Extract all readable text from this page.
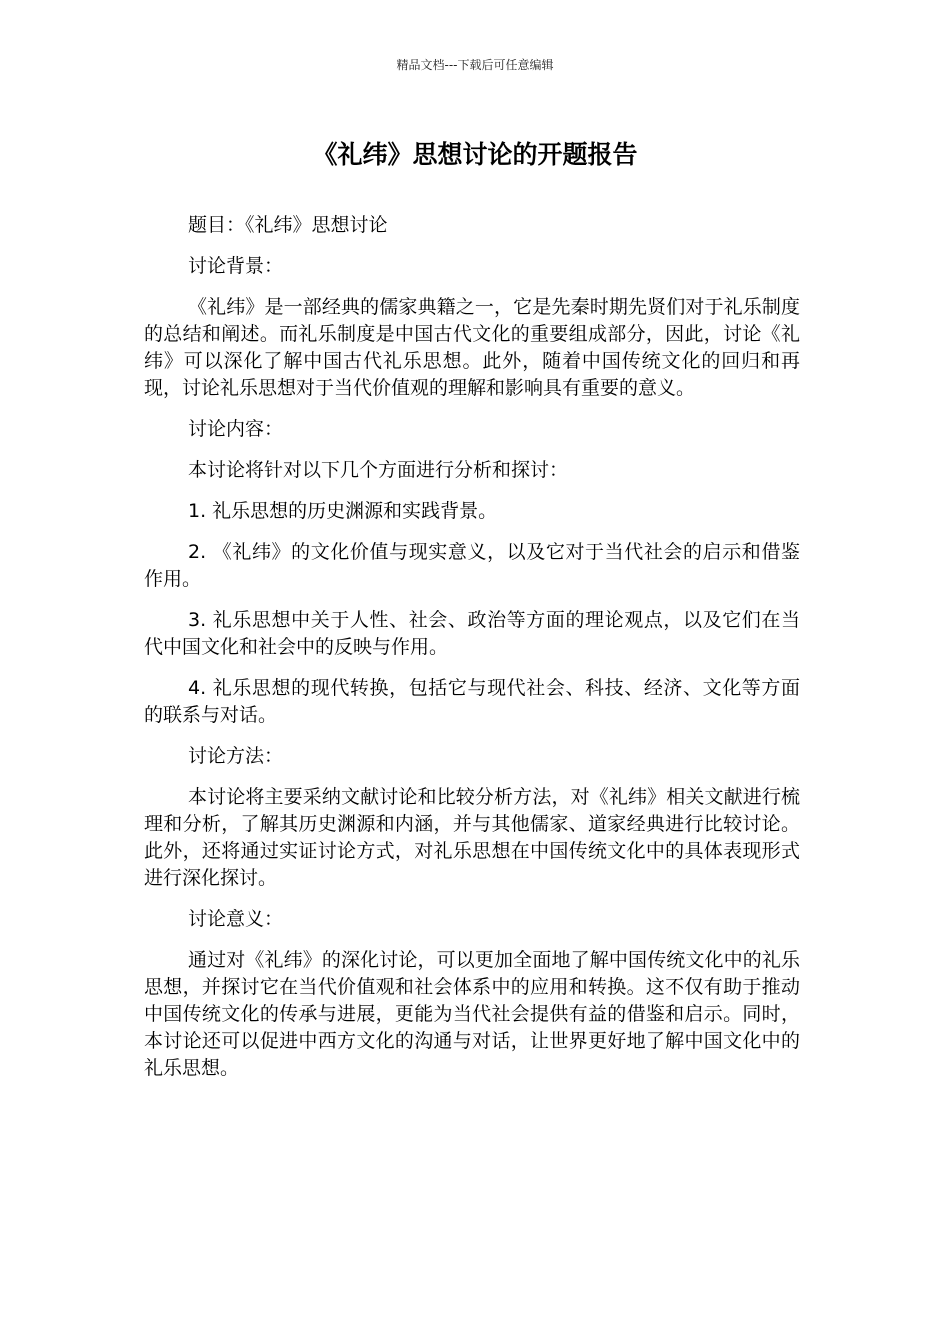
精品文档---下载后可任意编辑
《礼纬》思想讨论的开题报告

题目：《礼纬》思想讨论

讨论背景：

《礼纬》是一部经典的儒家典籍之一，它是先秦时期先贤们对于礼乐制度的总结和阐述。而礼乐制度是中国古代文化的重要组成部分，因此，讨论《礼纬》可以深化了解中国古代礼乐思想。此外，随着中国传统文化的回归和再现，讨论礼乐思想对于当代价值观的理解和影响具有重要的意义。

讨论内容：

本讨论将针对以下几个方面进行分析和探讨：

1. 礼乐思想的历史渊源和实践背景。

2. 《礼纬》的文化价值与现实意义，以及它对于当代社会的启示和借鉴作用。

3. 礼乐思想中关于人性、社会、政治等方面的理论观点，以及它们在当代中国文化和社会中的反映与作用。

4. 礼乐思想的现代转换，包括它与现代社会、科技、经济、文化等方面的联系与对话。

讨论方法：

本讨论将主要采纳文献讨论和比较分析方法，对《礼纬》相关文献进行梳理和分析，了解其历史渊源和内涵，并与其他儒家、道家经典进行比较讨论。此外，还将通过实证讨论方式，对礼乐思想在中国传统文化中的具体表现形式进行深化探讨。

讨论意义：

通过对《礼纬》的深化讨论，可以更加全面地了解中国传统文化中的礼乐思想，并探讨它在当代价值观和社会体系中的应用和转换。这不仅有助于推动中国传统文化的传承与进展，更能为当代社会提供有益的借鉴和启示。同时，本讨论还可以促进中西方文化的沟通与对话，让世界更好地了解中国文化中的礼乐思想。
